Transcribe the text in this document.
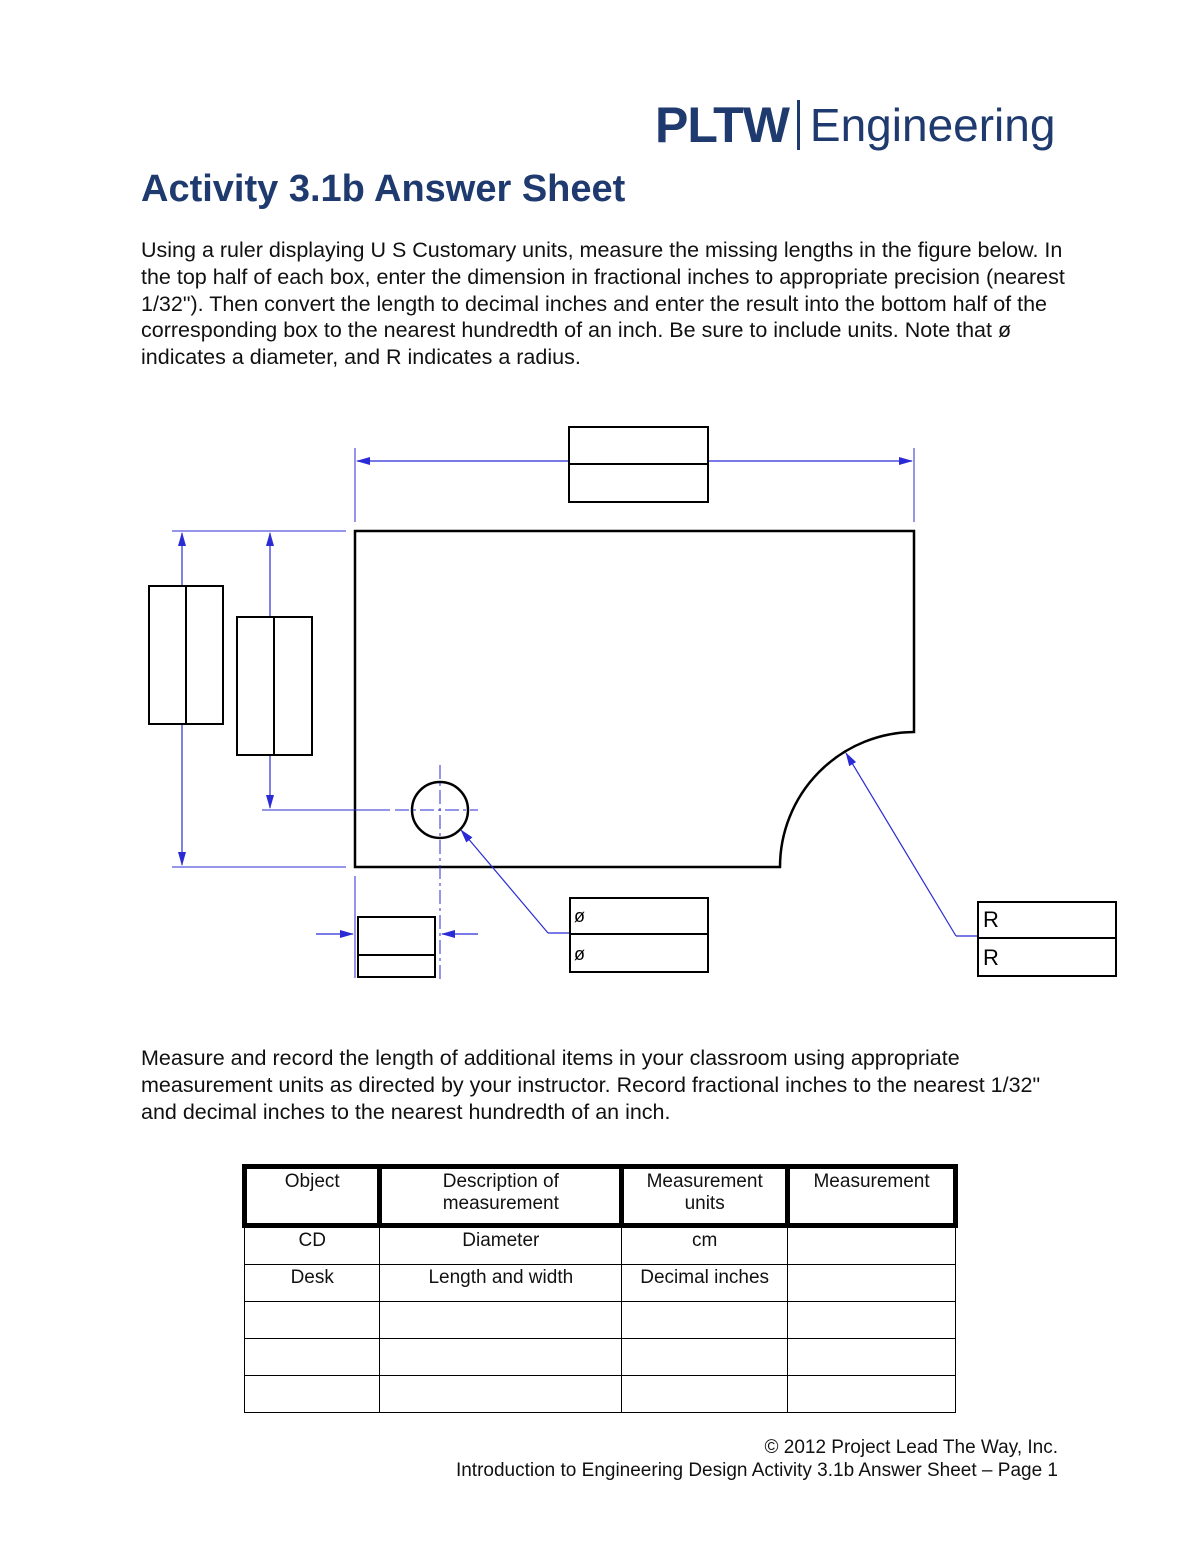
PLTW Engineering
Activity 3.1b Answer Sheet

Using a ruler displaying U S Customary units, measure the missing lengths in the figure below. In the top half of each box, enter the dimension in fractional inches to appropriate precision (nearest 1/32"). Then convert the length to decimal inches and enter the result into the bottom half of the corresponding box to the nearest hundredth of an inch. Be sure to include units. Note that ø indicates a diameter, and R indicates a radius.

ø
ø
R
R

Measure and record the length of additional items in your classroom using appropriate measurement units as directed by your instructor. Record fractional inches to the nearest 1/32" and decimal inches to the nearest hundredth of an inch.

Object	Description of measurement	Measurement units	Measurement
CD	Diameter	cm	
Desk	Length and width	Decimal inches	

© 2012 Project Lead The Way, Inc.

Introduction to Engineering Design Activity 3.1b Answer Sheet – Page 1
